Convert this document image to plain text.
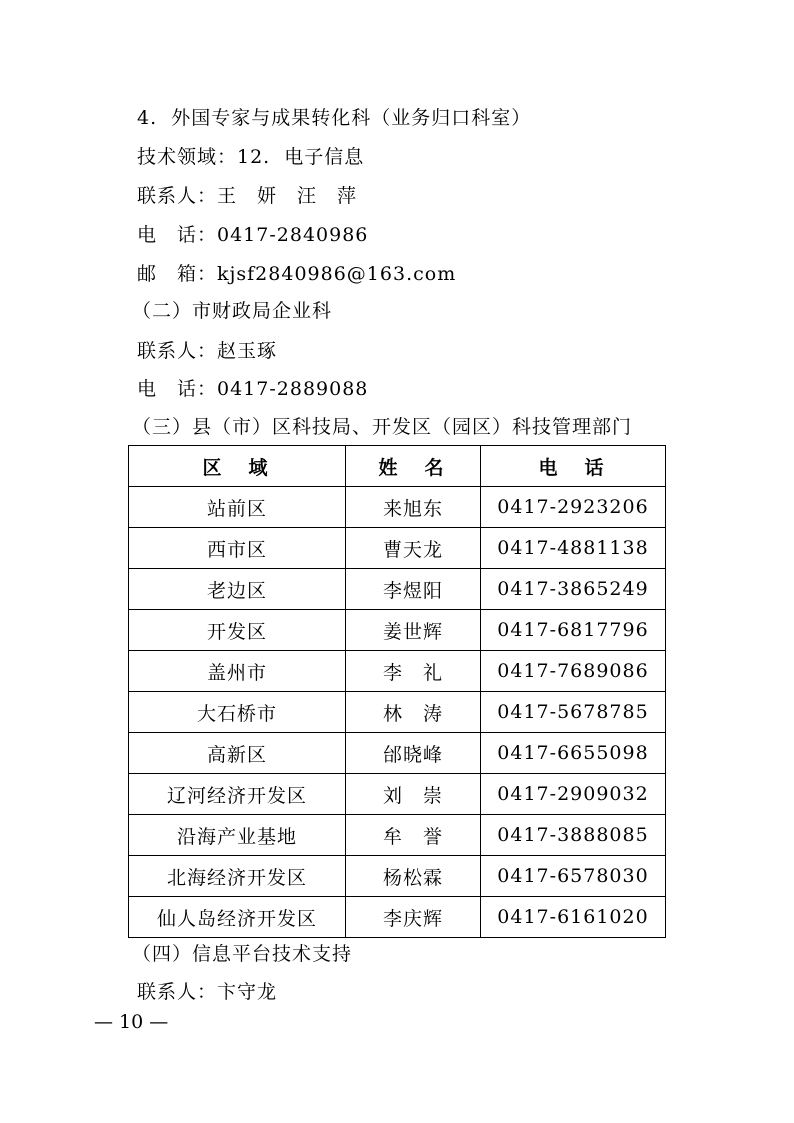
4.  外国专家与成果转化科（业务归口科室）
技术领域：12.  电子信息
联系人：王　妍　汪　萍
电　话：0417-2840986
邮　箱：kjsf2840986@163.com
（二）市财政局企业科
联系人：赵玉琢
电　话：0417-2889088
（三）县（市）区科技局、开发区（园区）科技管理部门
区　域	姓　名	电　话
站前区	来旭东	0417-2923206
西市区	曹天龙	0417-4881138
老边区	李煜阳	0417-3865249
开发区	姜世辉	0417-6817796
盖州市	李　礼	0417-7689086
大石桥市	林　涛	0417-5678785
高新区	邰晓峰	0417-6655098
辽河经济开发区	刘　崇	0417-2909032
沿海产业基地	牟　誉	0417-3888085
北海经济开发区	杨松霖	0417-6578030
仙人岛经济开发区	李庆辉	0417-6161020
（四）信息平台技术支持
联系人：卞守龙
— 10 —
